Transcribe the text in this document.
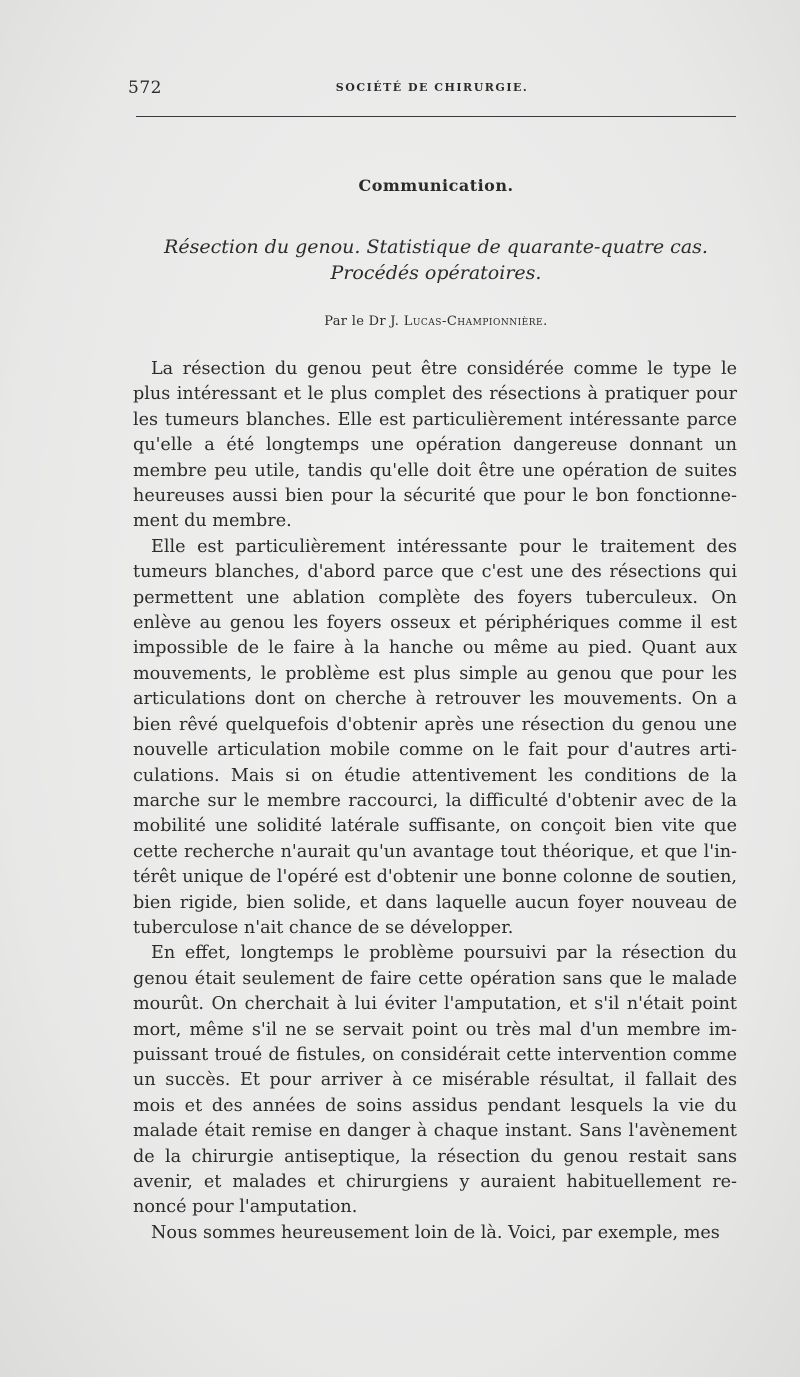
572	SOCIÉTÉ DE CHIRURGIE.
Communication.
Résection du genou. Statistique de quarante-quatre cas.
Procédés opératoires.
Par le Dr J. Lucas-Championnière.

La résection du genou peut être considérée comme le type le plus intéressant et le plus complet des résections à pratiquer pour les tumeurs blanches. Elle est particulièrement intéressante parce qu'elle a été longtemps une opération dangereuse donnant un membre peu utile, tandis qu'elle doit être une opération de suites heureuses aussi bien pour la sécurité que pour le bon fonctionnement du membre.

Elle est particulièrement intéressante pour le traitement des tumeurs blanches, d'abord parce que c'est une des résections qui permettent une ablation complète des foyers tuberculeux. On enlève au genou les foyers osseux et périphériques comme il est impossible de le faire à la hanche ou même au pied. Quant aux mouvements, le problème est plus simple au genou que pour les articulations dont on cherche à retrouver les mouvements. On a bien rêvé quelquefois d'obtenir après une résection du genou une nouvelle articulation mobile comme on le fait pour d'autres articulations. Mais si on étudie attentivement les conditions de la marche sur le membre raccourci, la difficulté d'obtenir avec de la mobilité une solidité latérale suffisante, on conçoit bien vite que cette recherche n'aurait qu'un avantage tout théorique, et que l'intérêt unique de l'opéré est d'obtenir une bonne colonne de soutien, bien rigide, bien solide, et dans laquelle aucun foyer nouveau de tuberculose n'ait chance de se développer.

En effet, longtemps le problème poursuivi par la résection du genou était seulement de faire cette opération sans que le malade mourût. On cherchait à lui éviter l'amputation, et s'il n'était point mort, même s'il ne se servait point ou très mal d'un membre impuissant troué de fistules, on considérait cette intervention comme un succès. Et pour arriver à ce misérable résultat, il fallait des mois et des années de soins assidus pendant lesquels la vie du malade était remise en danger à chaque instant. Sans l'avènement de la chirurgie antiseptique, la résection du genou restait sans avenir, et malades et chirurgiens y auraient habituellement renoncé pour l'amputation.

Nous sommes heureusement loin de là. Voici, par exemple, mes
